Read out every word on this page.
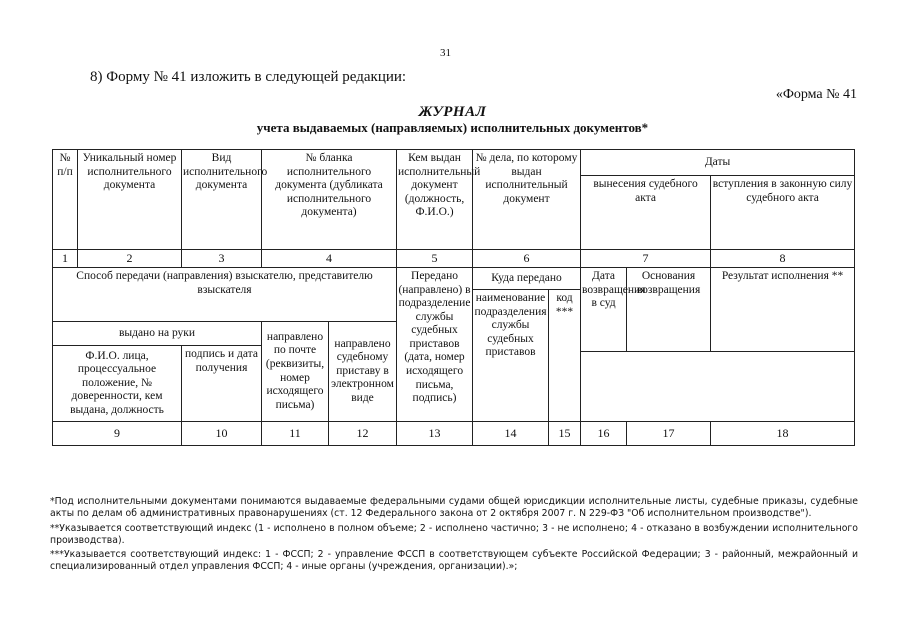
31
8) Форму № 41 изложить в следующей редакции:
«Форма № 41
ЖУРНАЛ
учета выдаваемых (направляемых) исполнительных документов*
№ п/п	Уникальный номер исполнительного документа	Вид исполнительного документа	№ бланка исполнительного документа (дубликата исполнительного документа)		Кем выдан исполнительный документ (должность, Ф.И.О.)	№ дела, по которому выдан исполнительный документ		Даты		
								вынесения судебного акта		вступления в законную силу судебного акта
1	2	3	4		5	6		7		8
Способ передачи (направления) взыскателю, представителю взыскателя					Передано (направлено) в подразделение службы судебных приставов (дата, номер исходящего письма, подпись)	Куда передано		Дата возвращения в суд	Основания возвращения	Результат исполнения **
						наименование подразделения службы судебных приставов	код ***			
выдано на руки			направлено по почте (реквизиты, номер исходящего письма)	направлено судебному приставу в электронном виде						
Ф.И.О. лица, процессуальное положение, № доверенности, кем выдана, должность		подпись и дата получения								

9		10	11	12	13	14	15	16	17	18

*Под исполнительными документами понимаются выдаваемые федеральными судами общей юрисдикции исполнительные листы, судебные приказы, судебные акты по делам об административных правонарушениях (ст. 12 Федерального закона от 2 октября 2007 г. N 229-ФЗ "Об исполнительном производстве").

**Указывается соответствующий индекс (1 - исполнено в полном объеме; 2 - исполнено частично; 3 - не исполнено; 4 - отказано в возбуждении исполнительного производства).

***Указывается соответствующий индекс: 1 - ФССП; 2 - управление ФССП в соответствующем субъекте Российской Федерации; 3 - районный, межрайонный и специализированный отдел управления ФССП; 4 - иные органы (учреждения, организации).»;
